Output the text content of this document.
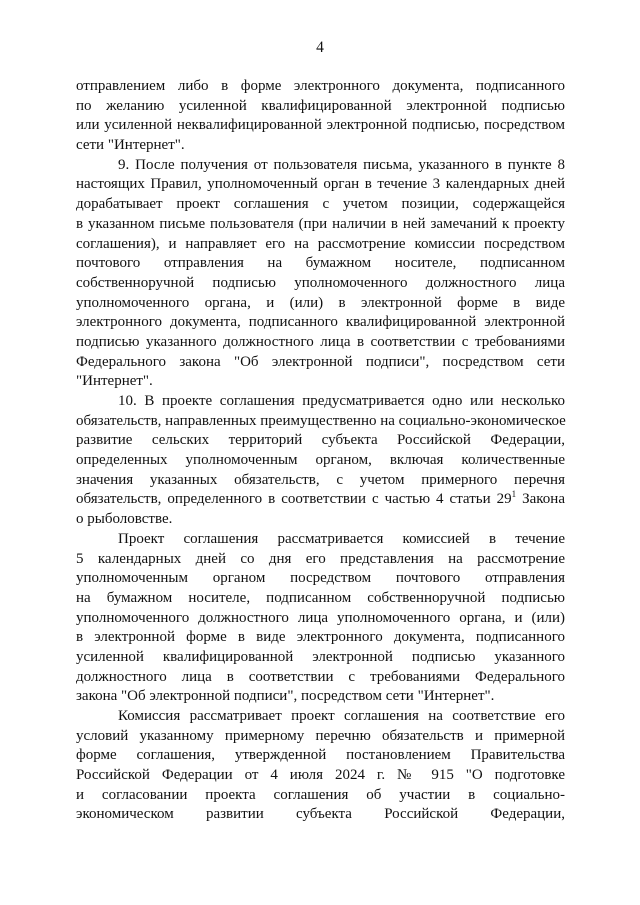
4

отправлением либо в форме электронного документа, подписанного
по желанию усиленной квалифицированной электронной подписью
или усиленной неквалифицированной электронной подписью, посредством
сети "Интернет".

9. После получения от пользователя письма, указанного в пункте 8
настоящих Правил, уполномоченный орган в течение 3 календарных дней
дорабатывает проект соглашения с учетом позиции, содержащейся
в указанном письме пользователя (при наличии в ней замечаний к проекту
соглашения), и направляет его на рассмотрение комиссии посредством
почтового отправления на бумажном носителе, подписанном
собственноручной подписью уполномоченного должностного лица
уполномоченного органа, и (или) в электронной форме в виде
электронного документа, подписанного квалифицированной электронной
подписью указанного должностного лица в соответствии с требованиями
Федерального закона "Об электронной подписи", посредством сети
"Интернет".

10. В проекте соглашения предусматривается одно или несколько
обязательств, направленных преимущественно на социально-экономическое
развитие сельских территорий субъекта Российской Федерации,
определенных уполномоченным органом, включая количественные
значения указанных обязательств, с учетом примерного перечня
обязательств, определенного в соответствии с частью 4 статьи $29^1$ Закона
о рыболовстве.

Проект соглашения рассматривается комиссией в течение
5 календарных дней со дня его представления на рассмотрение
уполномоченным органом посредством почтового отправления
на бумажном носителе, подписанном собственноручной подписью
уполномоченного должностного лица уполномоченного органа, и (или)
в электронной форме в виде электронного документа, подписанного
усиленной квалифицированной электронной подписью указанного
должностного лица в соответствии с требованиями Федерального
закона "Об электронной подписи", посредством сети "Интернет".

Комиссия рассматривает проект соглашения на соответствие его
условий указанному примерному перечню обязательств и примерной
форме соглашения, утвержденной постановлением Правительства
Российской Федерации от 4 июля 2024 г. № 915 "О подготовке
и согласовании проекта соглашения об участии в социально-
экономическом развитии субъекта Российской Федерации,
